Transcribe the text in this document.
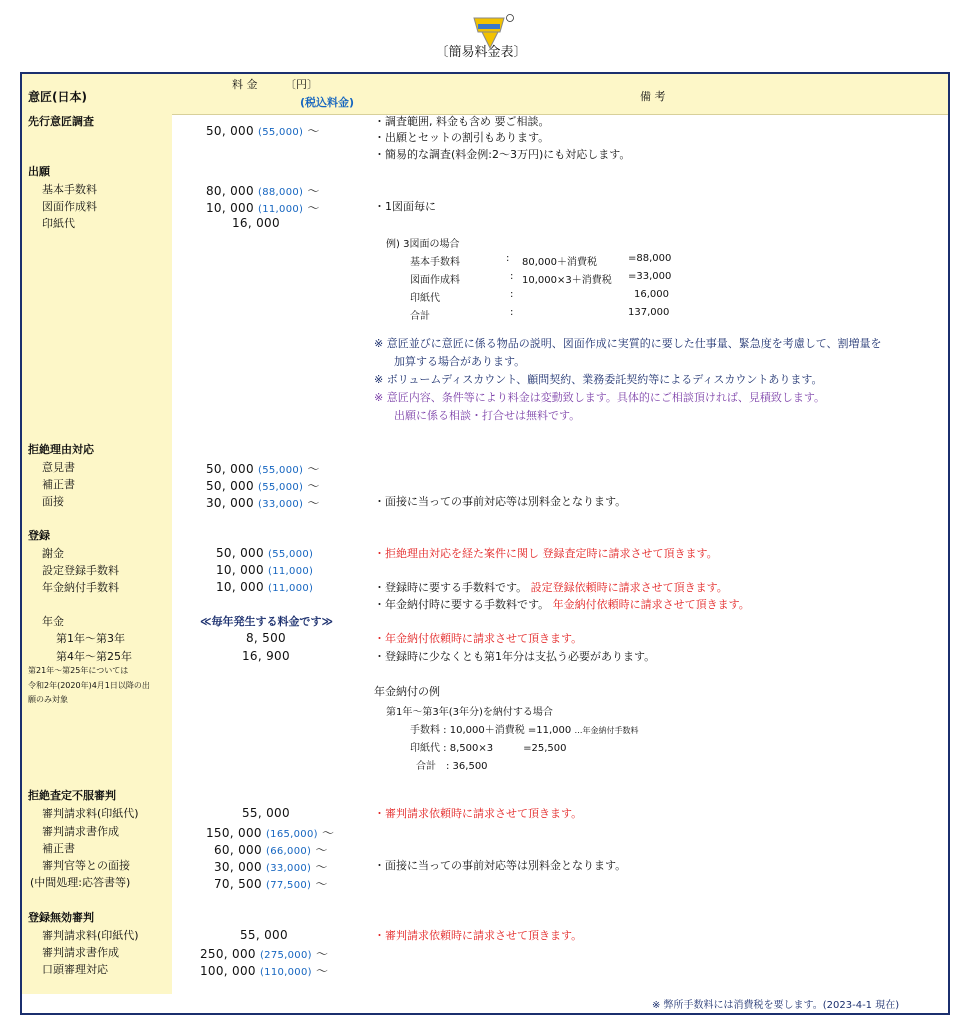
〔簡易料金表〕
意匠(日本)
料 金　　　〔円〕
(税込料金)	備 考
先行意匠調査
50, 000 (55,000) 〜
・調査範囲, 料金も含め 要ご相談。
・出願とセットの割引もあります。
・簡易的な調査(料金例:2〜3万円)にも対応します。
出願
基本手数料	80, 000 (88,000) 〜
図面作成料	10, 000 (11,000) 〜	・1図面毎に
印紙代	16, 000
例) 3図面の場合
基本手数料	: 80,000＋消費税	=88,000
図面作成料	: 10,000×3＋消費税 =33,000
印紙代	:	16,000
合計	:	137,000
※ 意匠並びに意匠に係る物品の説明、図面作成に実質的に要した仕事量、緊急度を考慮して、割増量を
加算する場合があります。
※ ボリュームディスカウント、顧問契約、業務委託契約等によるディスカウントあります。
※ 意匠内容、条件等により料金は変動致します。具体的にご相談頂ければ、見積致します。
出願に係る相談・打合せは無料です。
拒絶理由対応
意見書	50, 000 (55,000) 〜
補正書	50, 000 (55,000) 〜
面接	30, 000 (33,000) 〜	・面接に当っての事前対応等は別料金となります。
登録
謝金	50, 000 (55,000)	・拒絶理由対応を経た案件に関し 登録査定時に請求させて頂きます。
設定登録手数料	10, 000 (11,000)
年金納付手数料	10, 000 (11,000)	・登録時に要する手数料です。 設定登録依頼時に請求させて頂きます。
・年金納付時に要する手数料です。 年金納付依頼時に請求させて頂きます。
年金	≪毎年発生する料金です≫
第1年〜第3年	8, 500	・年金納付依頼時に請求させて頂きます。
第4年〜第25年	16, 900	・登録時に少なくとも第1年分は支払う必要があります。
第21年〜第25年については
令和2年(2020年)4月1日以降の出
願のみ対象
年金納付の例
第1年〜第3年(3年分)を納付する場合
手数料 : 10,000＋消費税 =11,000 …年金納付手数料
印紙代 : 8,500×3　　　=25,500
合計　: 36,500
拒絶査定不服審判
審判請求料(印紙代)	55, 000	・審判請求依頼時に請求させて頂きます。
審判請求書作成	150, 000 (165,000) 〜
補正書	60, 000 (66,000) 〜
審判官等との面接	30, 000 (33,000) 〜	・面接に当っての事前対応等は別料金となります。
(中間処理:応答書等)	70, 500 (77,500) 〜
登録無効審判
審判請求料(印紙代)	55, 000	・審判請求依頼時に請求させて頂きます。
審判請求書作成	250, 000 (275,000) 〜
口頭審理対応	100, 000 (110,000) 〜
※ 弊所手数料には消費税を要します。(2023-4-1 現在)
